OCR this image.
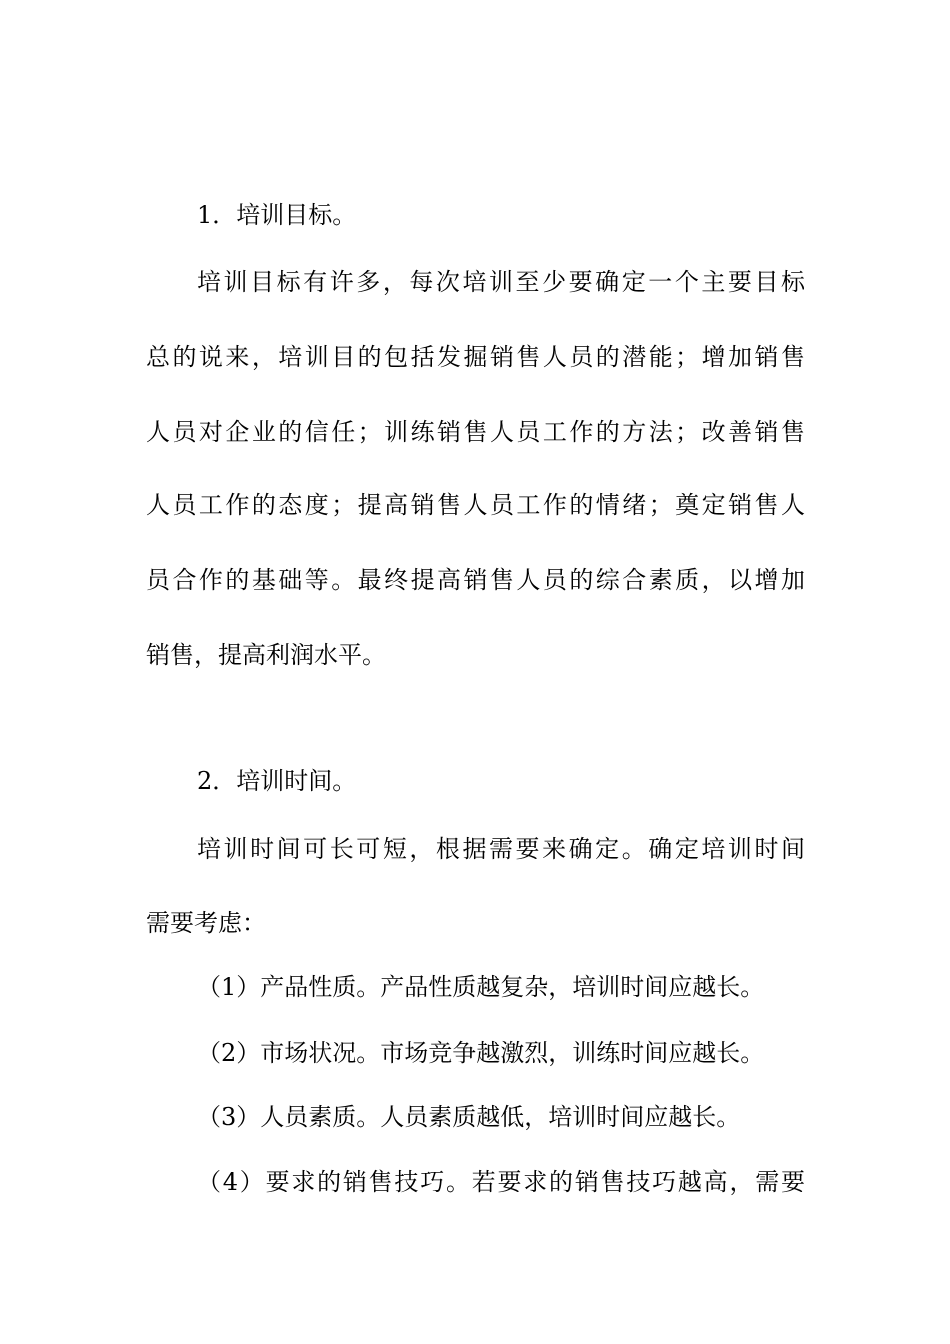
1．培训目标。
培训目标有许多，每次培训至少要确定一个主要目标
总的说来，培训目的包括发掘销售人员的潜能；增加销售
人员对企业的信任；训练销售人员工作的方法；改善销售
人员工作的态度；提高销售人员工作的情绪；奠定销售人
员合作的基础等。最终提高销售人员的综合素质，以增加
销售，提高利润水平。
2．培训时间。
培训时间可长可短，根据需要来确定。确定培训时间
需要考虑：
（1）产品性质。产品性质越复杂，培训时间应越长。
（2）市场状况。市场竞争越激烈，训练时间应越长。
（3）人员素质。人员素质越低，培训时间应越长。
（4）要求的销售技巧。若要求的销售技巧越高，需要
